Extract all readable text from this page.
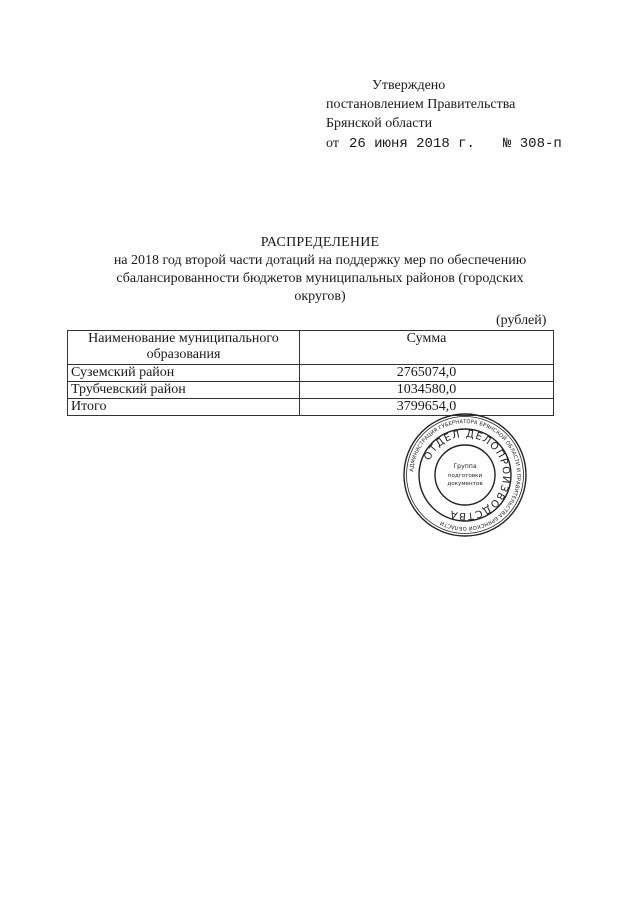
Утверждено
постановлением Правительства
Брянской области
от 26 июня 2018 г. № 308-п
РАСПРЕДЕЛЕНИЕ
на 2018 год второй части дотаций на поддержку мер по обеспечению
сбалансированности бюджетов муниципальных районов (городских
округов)
(рублей)
Наименование муниципального образования	Сумма
Суземский район	2765074,0
Трубчевский район	1034580,0
Итого	3799654,0
АДМИНИСТРАЦИЯ ГУБЕРНАТОРА БРЯНСКОЙ ОБЛАСТИ И ПРАВИТЕЛЬСТВА БРЯНСКОЙ ОБЛАСТИ
ОТДЕЛ ДЕЛОПРОИЗВОДСТВА
Группа
подготовки
документов
